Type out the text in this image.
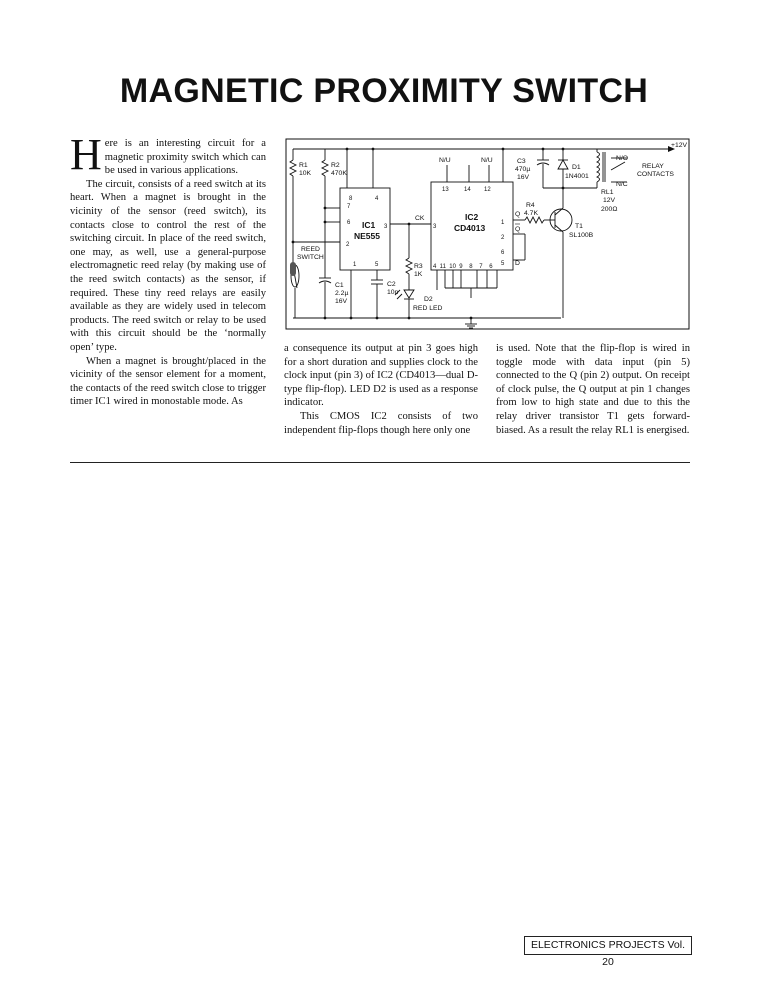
MAGNETIC PROXIMITY SWITCH

Here is an interesting circuit for a magnetic proximity switch which can be used in various applications.

The circuit, consists of a reed switch at its heart. When a magnet is brought in the vicinity of the sensor (reed switch), its contacts close to control the rest of the switching circuit. In place of the reed switch, one may, as well, use a general-purpose electromagnetic reed relay (by making use of the reed switch contacts) as the sensor, if required. These tiny reed relays are easily available as they are widely used in telecom products. The reed switch or relay to be used with this circuit should be the ‘normally open’ type.

When a magnet is brought/placed in the vicinity of the sensor element for a moment, the contacts of the reed switch close to trigger timer IC1 wired in monostable mode. As

+12V
R1
10K
R2
470K
8	4
7
6
3
2
1	5
IC1
NE555
REED
SWITCH
C1
2.2µ
16V
C2
10n
R3
1K
D2
RED LED
CK
3
N/U	N/U
13	14 12
IC2
CD4013	1
2
6
5
4  11  10  9    8    7    6
Q
Q
D
R4
4.7K
T1
SL100B
C3
470µ
16V
D1
1N4001
N/O
N/C
RELAY
CONTACTS
RL1
12V
200Ω

a consequence its output at pin 3 goes high for a short duration and supplies clock to the clock input (pin 3) of IC2 (CD4013—dual D-type flip-flop). LED D2 is used as a response indicator.

This CMOS IC2 consists of two independent flip-flops though here only one

is used. Note that the flip-flop is wired in toggle mode with data input (pin 5) connected to the Q (pin 2) output. On receipt of clock pulse, the Q output at pin 1 changes from low to high state and due to this the relay driver transistor T1 gets forward-biased. As a result the relay RL1 is energised.

ELECTRONICS PROJECTS Vol. 20
